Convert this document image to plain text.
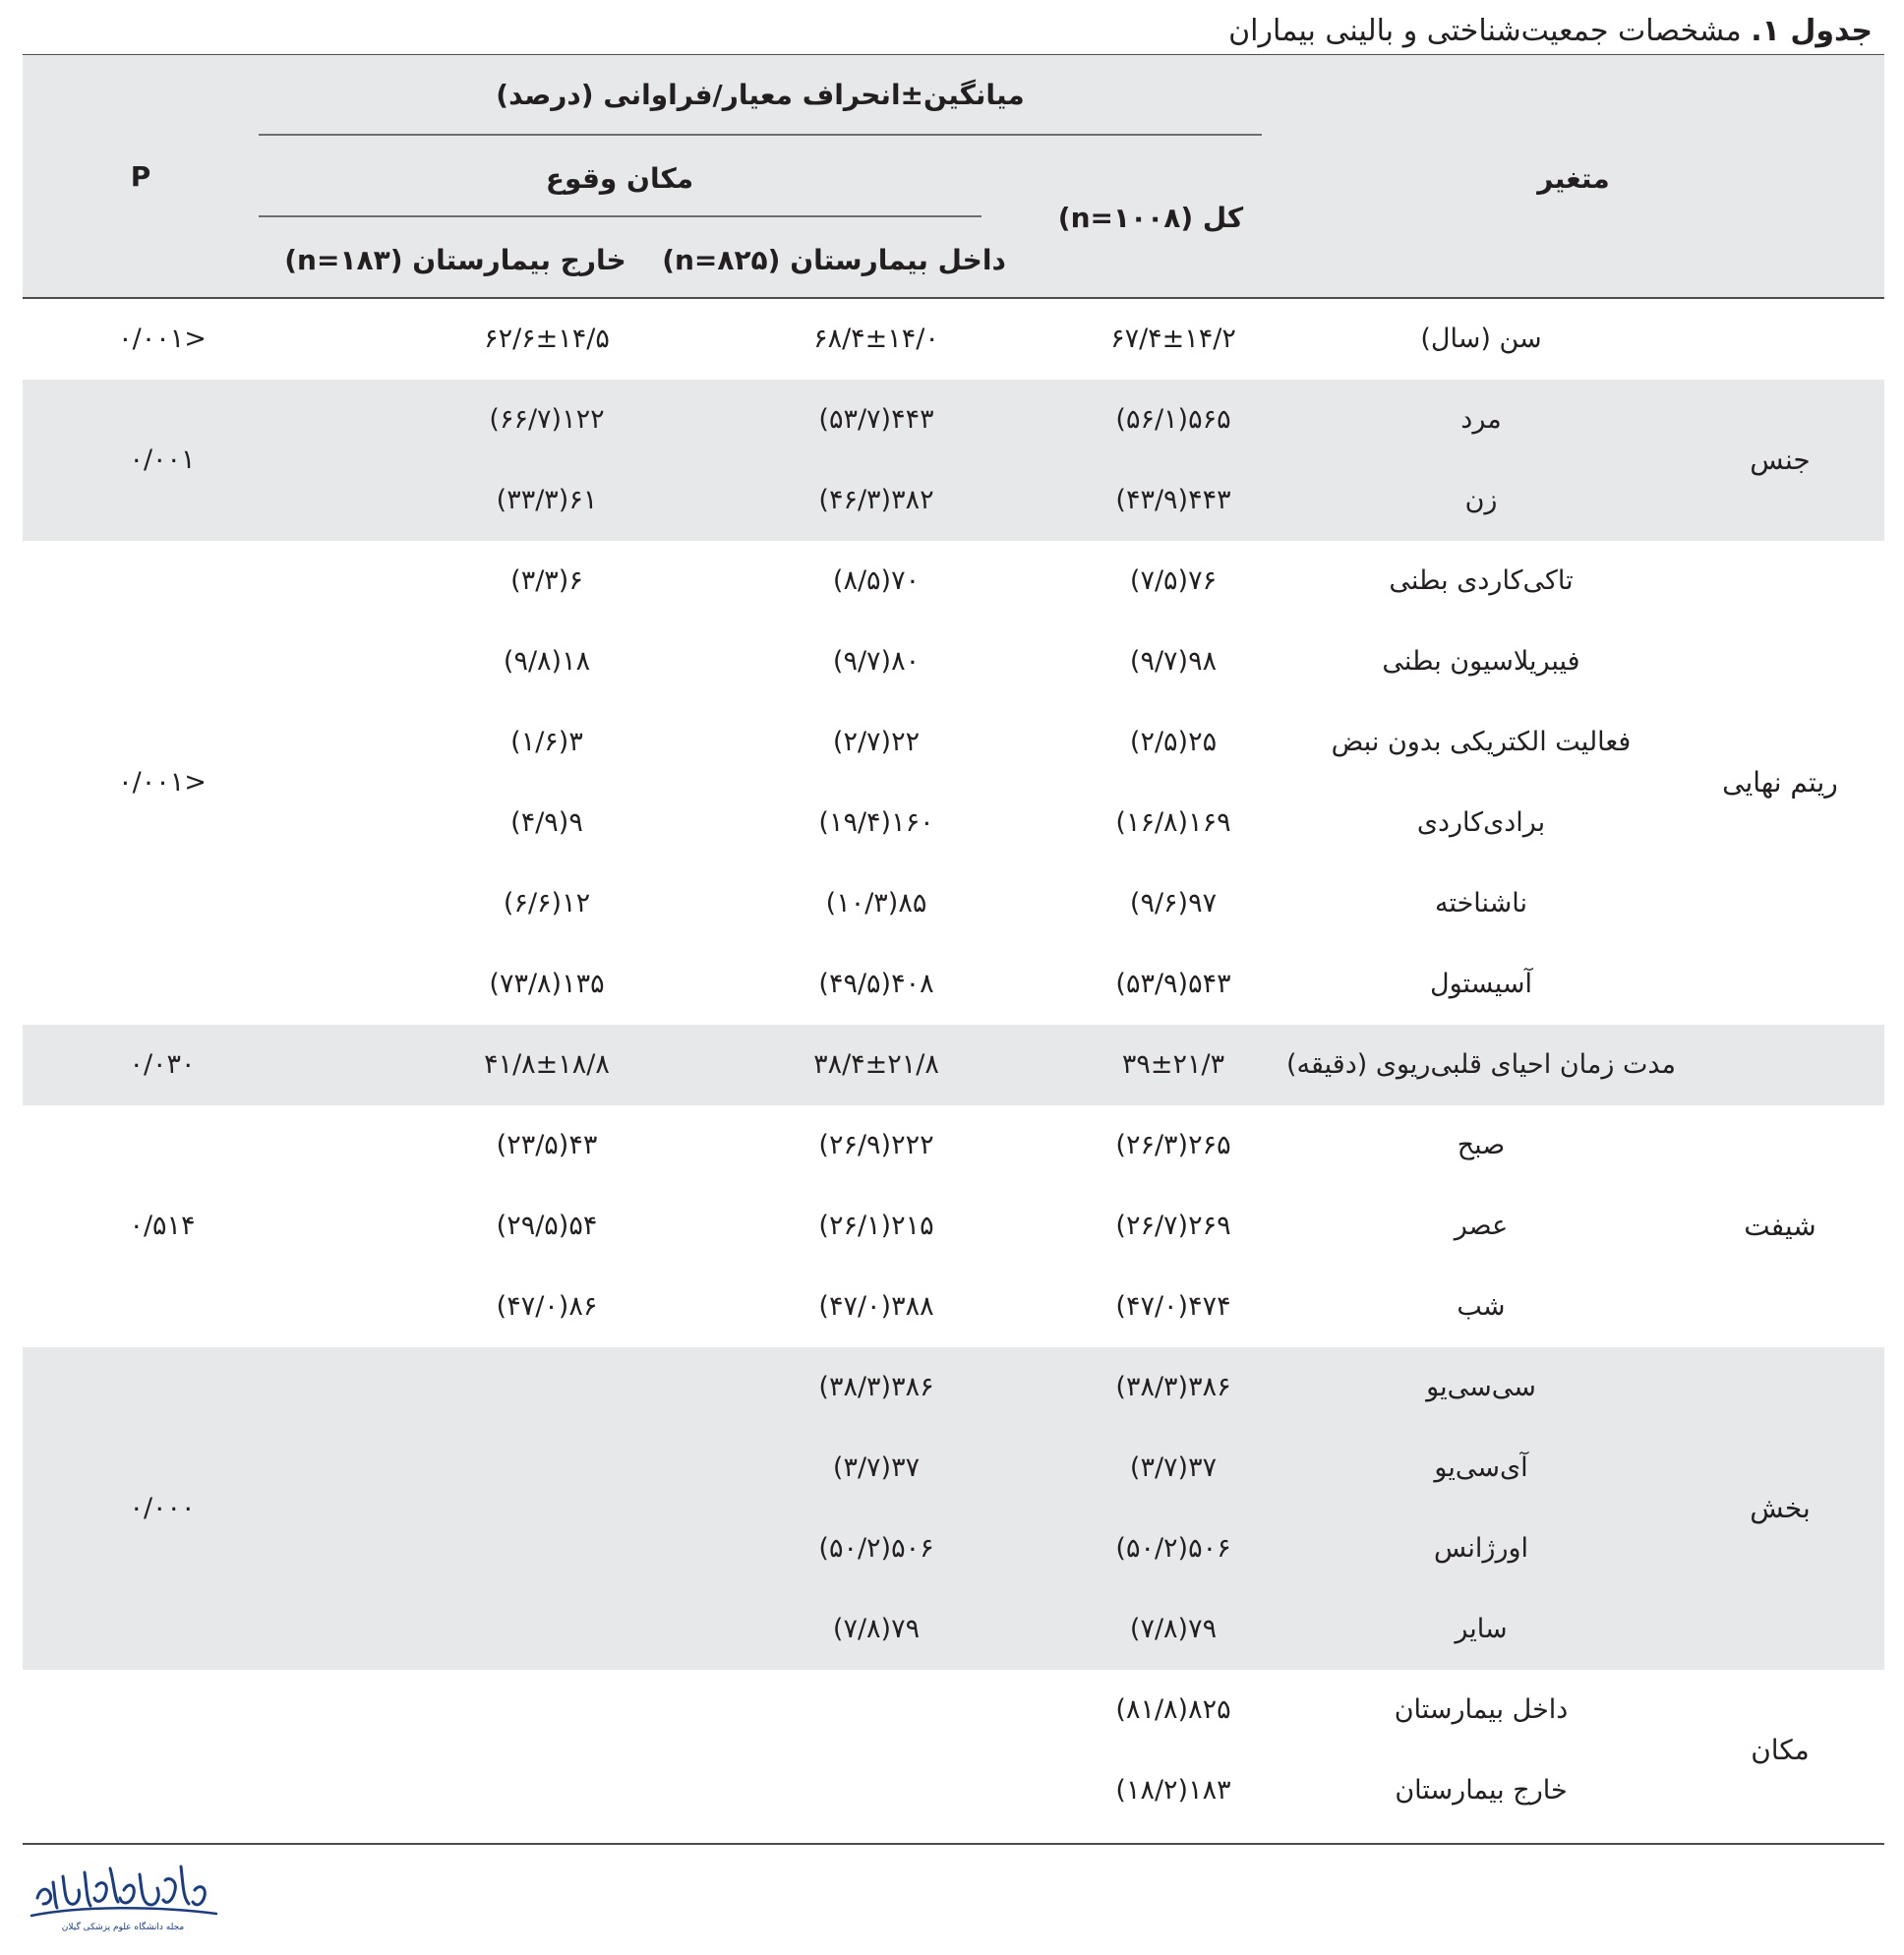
جدول ۱. مشخصات جمعیت‌شناختی و بالینی بیماران
متغیر
میانگین±انحراف معیار/فراوانی (درصد)
کل (n=۱۰۰۸)
مکان وقوع
داخل بیمارستان (n=۸۲۵)
خارج بیمارستان (n=۱۸۳)
P
سن (سال)
۶۷/۴±۱۴/۲
۶۸/۴±۱۴/۰
۶۲/۶±۱۴/۵
<۰/۰۰۱
مرد
۵۶۵(۵۶/۱)
۴۴۳(۵۳/۷)
۱۲۲(۶۶/۷)
زن
۴۴۳(۴۳/۹)
۳۸۲(۴۶/۳)
۶۱(۳۳/۳)
جنس
۰/۰۰۱
تاکی‌کاردی بطنی
۷۶(۷/۵)
۷۰(۸/۵)
۶(۳/۳)
فیبریلاسیون بطنی
۹۸(۹/۷)
۸۰(۹/۷)
۱۸(۹/۸)
فعالیت الکتریکی بدون نبض
۲۵(۲/۵)
۲۲(۲/۷)
۳(۱/۶)
برادی‌کاردی
۱۶۹(۱۶/۸)
۱۶۰(۱۹/۴)
۹(۴/۹)
ناشناخته
۹۷(۹/۶)
۸۵(۱۰/۳)
۱۲(۶/۶)
آسیستول
۵۴۳(۵۳/۹)
۴۰۸(۴۹/۵)
۱۳۵(۷۳/۸)
ریتم نهایی
<۰/۰۰۱
مدت زمان احیای قلبی‌ریوی (دقیقه)
۳۹±۲۱/۳
۳۸/۴±۲۱/۸
۴۱/۸±۱۸/۸
۰/۰۳۰
صبح
۲۶۵(۲۶/۳)
۲۲۲(۲۶/۹)
۴۳(۲۳/۵)
عصر
۲۶۹(۲۶/۷)
۲۱۵(۲۶/۱)
۵۴(۲۹/۵)
شب
۴۷۴(۴۷/۰)
۳۸۸(۴۷/۰)
۸۶(۴۷/۰)
شیفت
۰/۵۱۴
سی‌سی‌یو
۳۸۶(۳۸/۳)
۳۸۶(۳۸/۳)
آی‌سی‌یو
۳۷(۳/۷)
۳۷(۳/۷)
اورژانس
۵۰۶(۵۰/۲)
۵۰۶(۵۰/۲)
سایر
۷۹(۷/۸)
۷۹(۷/۸)
بخش
۰/۰۰۰
داخل بیمارستان
۸۲۵(۸۱/۸)
خارج بیمارستان
۱۸۳(۱۸/۲)
مکان
مجله دانشگاه علوم پزشکی گیلان
